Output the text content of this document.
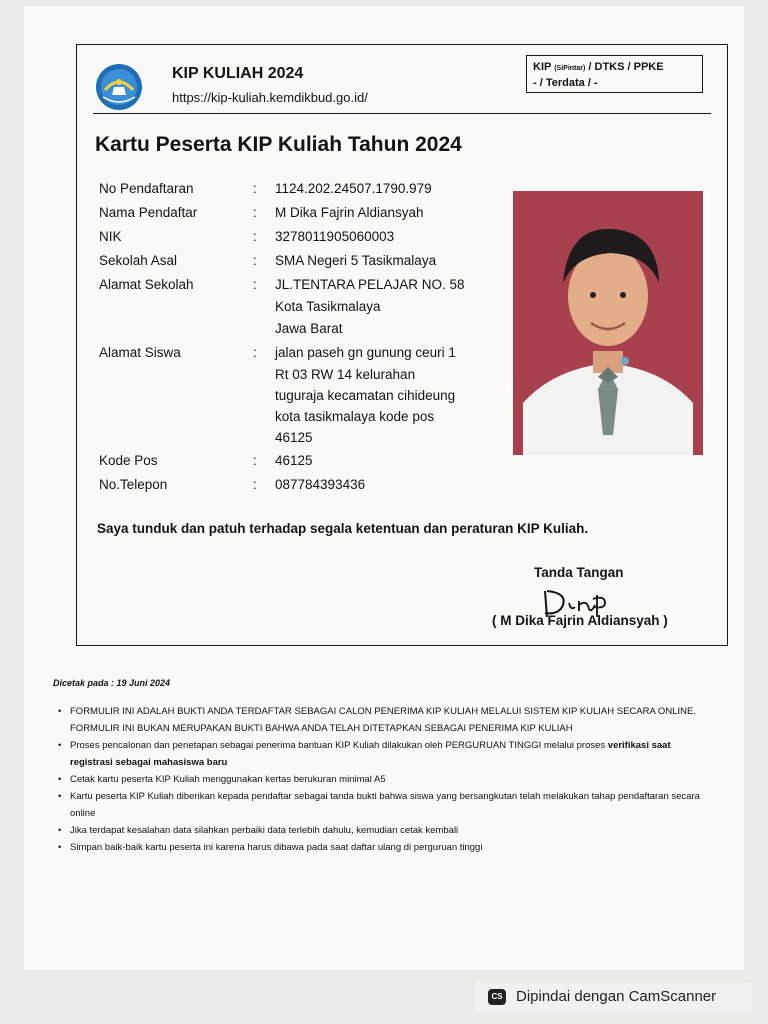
KIP KULIAH 2024
https://kip-kuliah.kemdikbud.go.id/
KIP (SiPintar) / DTKS / PPKE
- / Terdata / -
Kartu Peserta KIP Kuliah Tahun 2024
No Pendaftaran	: 1124.202.24507.1790.979
Nama Pendaftar	: M Dika Fajrin Aldiansyah
NIK	: 3278011905060003
Sekolah Asal	: SMA Negeri 5 Tasikmalaya
Alamat Sekolah	: JL.TENTARA PELAJAR NO. 58
Kota Tasikmalaya
Jawa Barat
Alamat Siswa	: jalan paseh gn gunung ceuri 1
Rt 03 RW 14 kelurahan
tuguraja kecamatan cihideung
kota tasikmalaya kode pos
46125
Kode Pos	: 46125
No.Telepon	: 087784393436
Saya tunduk dan patuh terhadap segala ketentuan dan peraturan KIP Kuliah.
Tanda Tangan
( M Dika Fajrin Aldiansyah )
Dicetak pada : 19 Juni 2024
• FORMULIR INI ADALAH BUKTI ANDA TERDAFTAR SEBAGAI CALON PENERIMA KIP KULIAH MELALUI SISTEM KIP KULIAH SECARA ONLINE. FORMULIR INI BUKAN MERUPAKAN BUKTI BAHWA ANDA TELAH DITETAPKAN SEBAGAI PENERIMA KIP KULIAH
• Proses pencalonan dan penetapan sebagai penerima bantuan KIP Kuliah dilakukan oleh PERGURUAN TINGGI melalui proses verifikasi saat registrasi sebagai mahasiswa baru
• Cetak kartu peserta KIP Kuliah menggunakan kertas berukuran minimal A5
• Kartu peserta KIP Kuliah diberikan kepada pendaftar sebagai tanda bukti bahwa siswa yang bersangkutan telah melakukan tahap pendaftaran secara online
• Jika terdapat kesalahan data silahkan perbaiki data terlebih dahulu, kemudian cetak kembali
• Simpan baik-baik kartu peserta ini karena harus dibawa pada saat daftar ulang di perguruan tinggi
CS Dipindai dengan CamScanner
